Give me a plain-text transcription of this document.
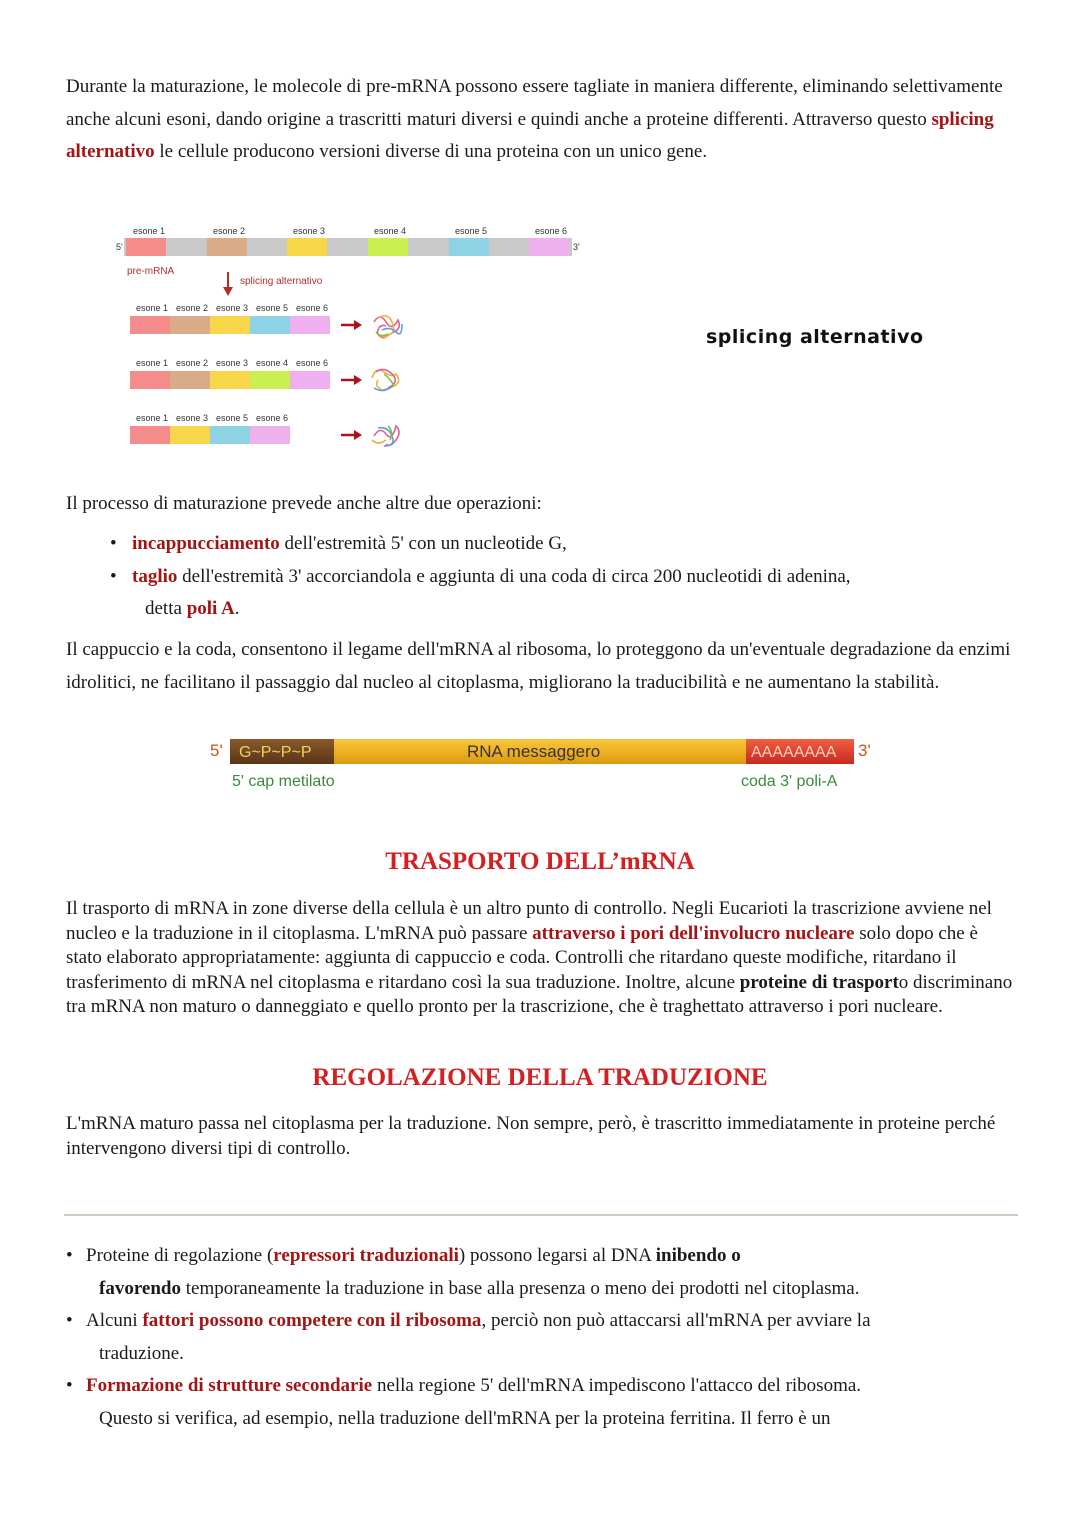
Durante la maturazione, le molecole di pre-mRNA possono essere tagliate in maniera differente, eliminando selettivamente anche alcuni esoni, dando origine a trascritti maturi diversi e quindi anche a proteine differenti. Attraverso questo splicing alternativo le cellule producono versioni diverse di una proteina con un unico gene.
esone 1	esone 2	esone 3	esone 4	esone 5	esone 6
5'	3'
pre-mRNA
splicing alternativo
esone 1 esone 2 esone 3 esone 5 esone 6
esone 1 esone 2 esone 3 esone 4 esone 6
esone 1 esone 3 esone 5 esone 6
splicing alternativo
Il processo di maturazione prevede anche altre due operazioni:
• incappucciamento dell'estremità 5' con un nucleotide G,
• taglio dell'estremità 3' accorciandola e aggiunta di una coda di circa 200 nucleotidi di adenina,
detta poli A.
Il cappuccio e la coda, consentono il legame dell'mRNA al ribosoma, lo proteggono da un'eventuale degradazione da enzimi idrolitici, ne facilitano il passaggio dal nucleo al citoplasma, migliorano la traducibilità e ne aumentano la stabilità.
5' G~P~P~P	RNA messaggero	AAAAAAAA 3'
5' cap metilato	coda 3' poli-A
TRASPORTO DELL’mRNA
Il trasporto di mRNA in zone diverse della cellula è un altro punto di controllo. Negli Eucarioti la trascrizione avviene nel nucleo e la traduzione in il citoplasma. L'mRNA può passare attraverso i pori dell'involucro nucleare solo dopo che è stato elaborato appropriatamente: aggiunta di cappuccio e coda. Controlli che ritardano queste modifiche, ritardano il trasferimento di mRNA nel citoplasma e ritardano così la sua traduzione. Inoltre, alcune proteine di trasporto discriminano tra mRNA non maturo o danneggiato e quello pronto per la trascrizione, che è traghettato attraverso i pori nucleare.
REGOLAZIONE DELLA TRADUZIONE
L'mRNA maturo passa nel citoplasma per la traduzione. Non sempre, però, è trascritto immediatamente in proteine perché intervengono diversi tipi di controllo.
• Proteine di regolazione (repressori traduzionali) possono legarsi al DNA inibendo o
favorendo temporaneamente la traduzione in base alla presenza o meno dei prodotti nel citoplasma.
• Alcuni fattori possono competere con il ribosoma, perciò non può attaccarsi all'mRNA per avviare la
traduzione.
• Formazione di strutture secondarie nella regione 5' dell'mRNA impediscono l'attacco del ribosoma.
Questo si verifica, ad esempio, nella traduzione dell'mRNA per la proteina ferritina. Il ferro è un
